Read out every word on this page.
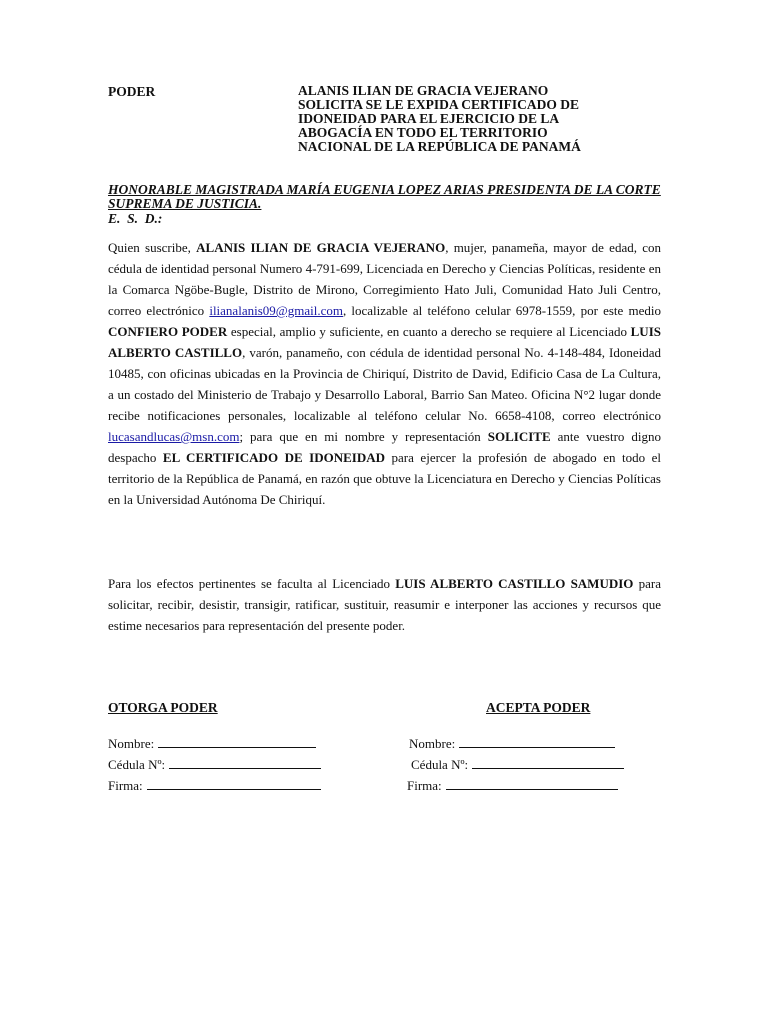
PODER	ALANIS ILIAN DE GRACIA VEJERANO
SOLICITA SE LE EXPIDA CERTIFICADO DE
IDONEIDAD PARA EL EJERCICIO DE LA
ABOGACÍA EN TODO EL TERRITORIO
NACIONAL DE LA REPÚBLICA DE PANAMÁ
HONORABLE MAGISTRADA MARÍA EUGENIA LOPEZ ARIAS PRESIDENTA DE LA CORTE SUPREMA DE JUSTICIA.
E.  S.  D.:
Quien suscribe, ALANIS ILIAN DE GRACIA VEJERANO, mujer, panameña, mayor de edad, con cédula de identidad personal Numero 4-791-699, Licenciada en Derecho y Ciencias Políticas, residente en la Comarca Ngöbe-Bugle, Distrito de Mirono, Corregimiento Hato Juli, Comunidad Hato Juli Centro, correo electrónico ilianalanis09@gmail.com, localizable al teléfono celular 6978-1559, por este medio CONFIERO PODER especial, amplio y suficiente, en cuanto a derecho se requiere al Licenciado LUIS ALBERTO CASTILLO, varón, panameño, con cédula de identidad personal No. 4-148-484, Idoneidad 10485, con oficinas ubicadas en la Provincia de Chiriquí, Distrito de David, Edificio Casa de La Cultura, a un costado del Ministerio de Trabajo y Desarrollo Laboral, Barrio San Mateo. Oficina N°2 lugar donde recibe notificaciones personales, localizable al teléfono celular No. 6658-4108, correo electrónico lucasandlucas@msn.com; para que en mi nombre y representación SOLICITE ante vuestro digno despacho EL CERTIFICADO DE IDONEIDAD para ejercer la profesión de abogado en todo el territorio de la República de Panamá, en razón que obtuve la Licenciatura en Derecho y Ciencias Políticas en la Universidad Autónoma De Chiriquí.
Para los efectos pertinentes se faculta al Licenciado LUIS ALBERTO CASTILLO SAMUDIO para solicitar, recibir, desistir, transigir, ratificar, sustituir, reasumir e interponer las acciones y recursos que estime necesarios para representación del presente poder.
OTORGA PODER	ACEPTA PODER
Nombre:
Cédula Nº:
Firma:
Nombre:
Cédula Nº:
Firma:
